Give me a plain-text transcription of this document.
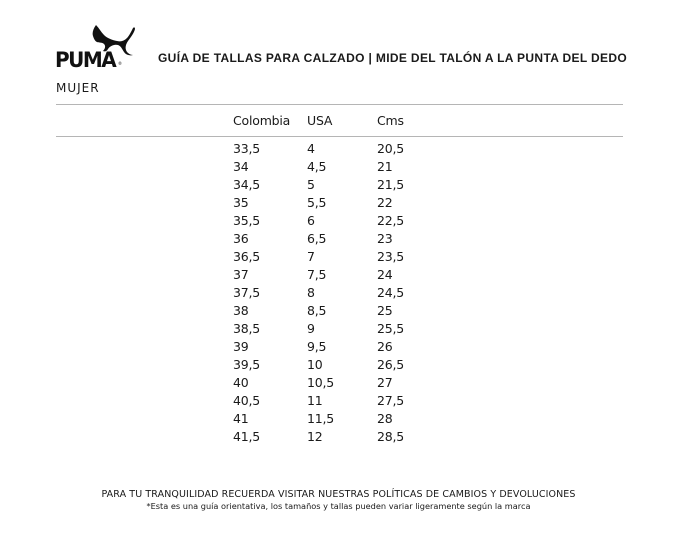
PUMA ®	GUÍA DE TALLAS PARA CALZADO | MIDE DEL TALÓN A LA PUNTA DEL DEDO
MUJER
Colombia USA	Cms
33,5	4	20,5
34	4,5	21
34,5	5	21,5
35	5,5	22
35,5	6	22,5
36	6,5	23
36,5	7	23,5
37	7,5	24
37,5	8	24,5
38	8,5	25
38,5	9	25,5
39	9,5	26
39,5	10	26,5
40	10,5	27
40,5	11	27,5
41	11,5	28
41,5	12	28,5
PARA TU TRANQUILIDAD RECUERDA VISITAR NUESTRAS POLÍTICAS DE CAMBIOS Y DEVOLUCIONES
*Esta es una guía orientativa, los tamaños y tallas pueden variar ligeramente según la marca
